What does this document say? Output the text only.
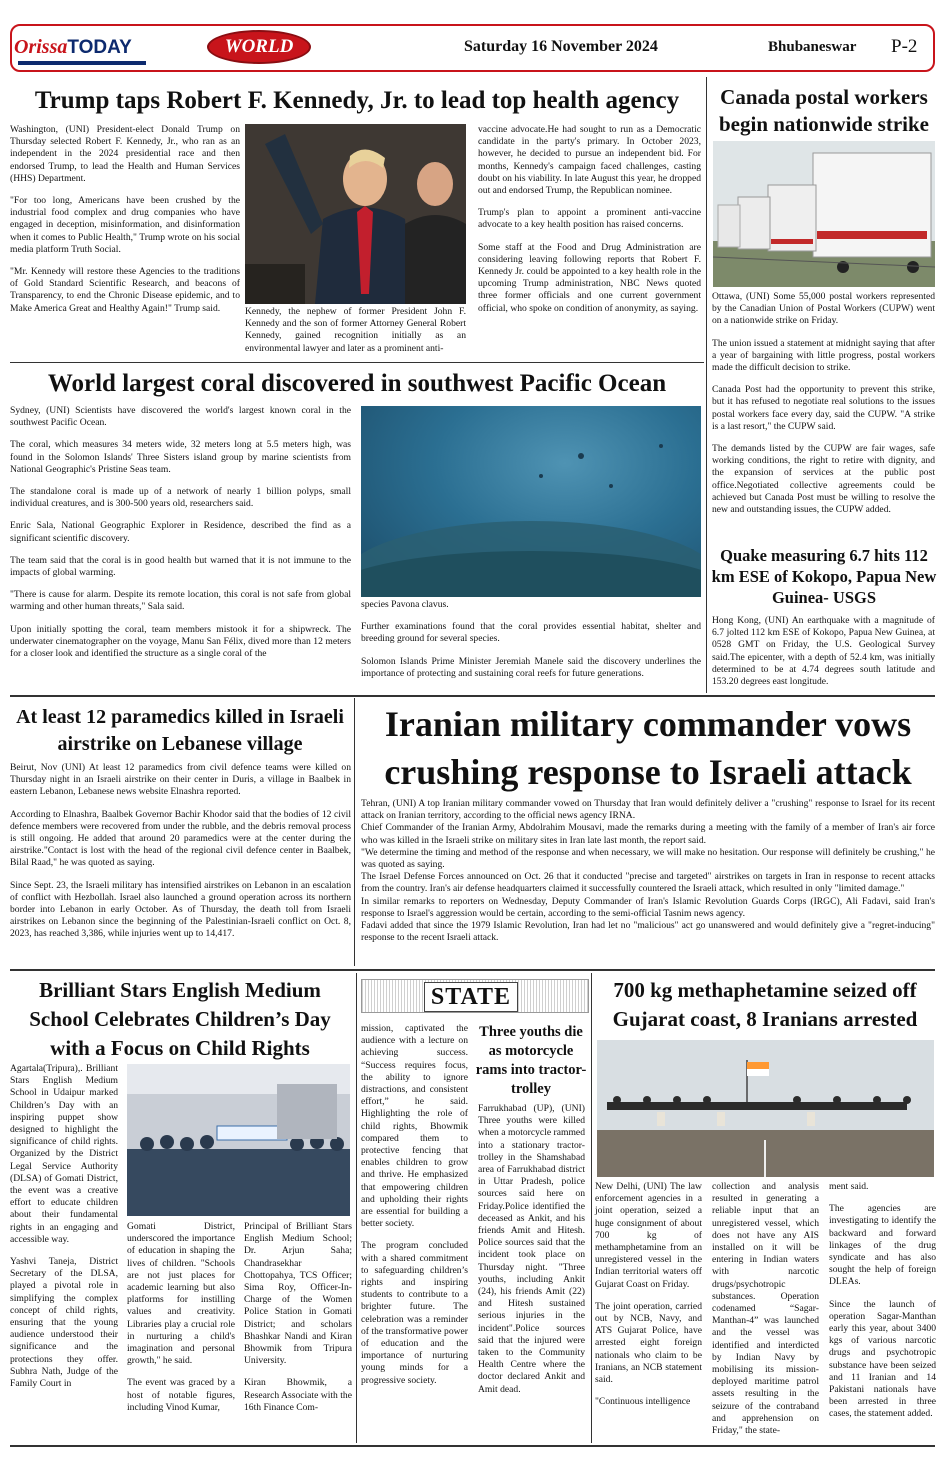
OrissaTODAY	WORLD	Saturday 16 November 2024	Bhubaneswar P-2
Trump taps Robert F. Kennedy, Jr. to lead top health agency

Washington, (UNI) President-elect Donald Trump on Thursday selected Robert F. Kennedy, Jr., who ran as an independent in the 2024 presidential race and then endorsed Trump, to lead the Health and Human Services (HHS) Department.

"For too long, Americans have been crushed by the industrial food complex and drug companies who have engaged in deception, misinformation, and disinformation when it comes to Public Health," Trump wrote on his social media platform Truth Social.

"Mr. Kennedy will restore these Agencies to the traditions of Gold Standard Scientific Research, and beacons of Transparency, to end the Chronic Disease epidemic, and to Make America Great and Healthy Again!" Trump said.	Kennedy, the nephew of former President John F. Kennedy and the son of former Attorney General Robert Kennedy, gained recognition initially as an environmental lawyer and later as a prominent anti-

vaccine advocate.He had sought to run as a Democratic candidate in the party's primary. In October 2023, however, he decided to pursue an independent bid. For months, Kennedy's campaign faced challenges, casting doubt on his viability. In late August this year, he dropped out and endorsed Trump, the Republican nominee.

Trump's plan to appoint a prominent anti-vaccine advocate to a key health position has raised concerns.

Some staff at the Food and Drug Administration are considering leaving following reports that Robert F. Kennedy Jr. could be appointed to a key health role in the upcoming Trump administration, NBC News quoted three former officials and one current government official, who spoke on condition of anonymity, as saying.

Canada postal workers begin nationwide strike

Ottawa, (UNI) Some 55,000 postal workers represented by the Canadian Union of Postal Workers (CUPW) went on a nationwide strike on Friday.

The union issued a statement at midnight saying that after a year of bargaining with little progress, postal workers made the difficult decision to strike.

Canada Post had the opportunity to prevent this strike, but it has refused to negotiate real solutions to the issues postal workers face every day, said the CUPW. "A strike is a last resort," the CUPW said.

The demands listed by the CUPW are fair wages, safe working conditions, the right to retire with dignity, and the expansion of services at the public post office.Negotiated collective agreements could be achieved but Canada Post must be willing to resolve the new and outstanding issues, the CUPW added.

Quake measuring 6.7 hits 112 km ESE of Kokopo, Papua New Guinea- USGS
Hong Kong, (UNI) An earthquake with a magnitude of 6.7 jolted 112 km ESE of Kokopo, Papua New Guinea, at 0528 GMT on Friday, the U.S. Geological Survey said.The epicenter, with a depth of 52.4 km, was initially determined to be at 4.74 degrees south latitude and 153.20 degrees east longitude.
World largest coral discovered in southwest Pacific Ocean

Sydney, (UNI) Scientists have discovered the world's largest known coral in the southwest Pacific Ocean.

The coral, which measures 34 meters wide, 32 meters long at 5.5 meters high, was found in the Solomon Islands' Three Sisters island group by marine scientists from National Geographic's Pristine Seas team.

The standalone coral is made up of a network of nearly 1 billion polyps, small individual creatures, and is 300-500 years old, researchers said.

Enric Sala, National Geographic Explorer in Residence, described the find as a significant scientific discovery.

The team said that the coral is in good health but warned that it is not immune to the impacts of global warming.

"There is cause for alarm. Despite its remote location, this coral is not safe from global warming and other human threats," Sala said.

Upon initially spotting the coral, team members mistook it for a shipwreck. The underwater cinematographer on the voyage, Manu San Félix, dived more than 12 meters for a closer look and identified the structure as a single coral of the

species Pavona clavus.

Further examinations found that the coral provides essential habitat, shelter and breeding ground for several species.

Solomon Islands Prime Minister Jeremiah Manele said the discovery underlines the importance of protecting and sustaining coral reefs for future generations.

At least 12 paramedics killed in Israeli airstrike on Lebanese village

Beirut, Nov (UNI) At least 12 paramedics from civil defence teams were killed on Thursday night in an Israeli airstrike on their center in Duris, a village in Baalbek in eastern Lebanon, Lebanese news website Elnashra reported.

According to Elnashra, Baalbek Governor Bachir Khodor said that the bodies of 12 civil defence members were recovered from under the rubble, and the debris removal process is still ongoing. He added that around 20 paramedics were at the center during the airstrike."Contact is lost with the head of the regional civil defence center in Baalbek, Bilal Raad," he was quoted as saying.

Since Sept. 23, the Israeli military has intensified airstrikes on Lebanon in an escalation of conflict with Hezbollah. Israel also launched a ground operation across its northern border into Lebanon in early October. As of Thursday, the death toll from Israeli airstrikes on Lebanon since the beginning of the Palestinian-Israeli conflict on Oct. 8, 2023, has reached 3,386, while injuries went up to 14,417.

Iranian military commander vows crushing response to Israeli attack

Tehran, (UNI) A top Iranian military commander vowed on Thursday that Iran would definitely deliver a "crushing" response to Israel for its recent attack on Iranian territory, according to the official news agency IRNA.

Chief Commander of the Iranian Army, Abdolrahim Mousavi, made the remarks during a meeting with the family of a member of Iran's air force who was killed in the Israeli strike on military sites in Iran late last month, the report said.

"We determine the timing and method of the response and when necessary, we will make no hesitation. Our response will definitely be crushing," he was quoted as saying.

The Israel Defense Forces announced on Oct. 26 that it conducted "precise and targeted" airstrikes on targets in Iran in response to recent attacks from the country. Iran's air defense headquarters claimed it successfully countered the Israeli attack, which resulted in only "limited damage."

In similar remarks to reporters on Wednesday, Deputy Commander of Iran's Islamic Revolution Guards Corps (IRGC), Ali Fadavi, said Iran's response to Israel's aggression would be certain, according to the semi-official Tasnim news agency.

Fadavi added that since the 1979 Islamic Revolution, Iran had let no "malicious" act go unanswered and would definitely give a "regret-inducing" response to the recent Israeli attack.

Brilliant Stars English Medium School Celebrates Children’s Day with a Focus on Child Rights

Agartala(Tripura),. Brilliant Stars English Medium School in Udaipur marked Children’s Day with an inspiring puppet show designed to highlight the significance of child rights. Organized by the District Legal Service Authority (DLSA) of Gomati District, the event was a creative effort to educate children about their fundamental rights in an engaging and accessible way.

Yashvi Taneja, District Secretary of the DLSA, played a pivotal role in simplifying the complex concept of child rights, ensuring that the young audience understood their significance and the protections they offer. Subhra Nath, Judge of the Family Court in

Gomati District, underscored the importance of education in shaping the lives of children. "Schools are not just places for academic learning but also platforms for instilling values and creativity. Libraries play a crucial role in nurturing a child's imagination and personal growth," he said.

The event was graced by a host of notable figures, including Vinod Kumar,

Principal of Brilliant Stars English Medium School; Dr. Arjun Saha; Chandrasekhar Chottopahya, TCS Officer; Sima Roy, Officer-In-Charge of the Women Police Station in Gomati District; and scholars Bhashkar Nandi and Kiran Bhowmik from Tripura University.

Kiran Bhowmik, a Research Associate with the 16th Finance Com-

mission, captivated the audience with a lecture on achieving success. “Success requires focus, the ability to ignore distractions, and consistent effort,” he said. Highlighting the role of child rights, Bhowmik compared them to protective fencing that enables children to grow and thrive. He emphasized that empowering children and upholding their rights are essential for building a better society.

The program concluded with a shared commitment to safeguarding children’s rights and inspiring students to contribute to a brighter future. The celebration was a reminder of the transformative power of education and the importance of nurturing young minds for a progressive society.

STATE
Three youths die as motorcycle rams into tractor-trolley
Farrukhabad (UP), (UNI) Three youths were killed when a motorcycle rammed into a stationary tractor-trolley in the Shamshabad area of Farrukhabad district in Uttar Pradesh, police sources said here on Friday.Police identified the deceased as Ankit, and his friends Amit and Hitesh. Police sources said that the incident took place on Thursday night. "Three youths, including Ankit (24), his friends Amit (22) and Hitesh sustained serious injuries in the incident".Police sources said that the injured were taken to the Community Health Centre where the doctor declared Ankit and Amit dead.
700 kg methaphetamine seized off Gujarat coast, 8 Iranians arrested

New Delhi, (UNI) The law enforcement agencies in a joint operation, seized a huge consignment of about 700 kg of methamphetamine from an unregistered vessel in the Indian territorial waters off Gujarat Coast on Friday.

The joint operation, carried out by NCB, Navy, and ATS Gujarat Police, have arrested eight foreign nationals who claim to be Iranians, an NCB statement said.

"Continuous intelligence

collection and analysis resulted in generating a reliable input that an unregistered vessel, which does not have any AIS installed on it will be entering in Indian waters with narcotic drugs/psychotropic substances. Operation codenamed “Sagar-Manthan-4” was launched and the vessel was identified and interdicted by Indian Navy by mobilising its mission-deployed maritime patrol assets resulting in the seizure of the contraband and apprehension on Friday," the state-

ment said.

The agencies are investigating to identify the backward and forward linkages of the drug syndicate and has also sought the help of foreign DLEAs.

Since the launch of operation Sagar-Manthan early this year, about 3400 kgs of various narcotic drugs and psychotropic substance have been seized and 11 Iranian and 14 Pakistani nationals have been arrested in three cases, the statement added.
